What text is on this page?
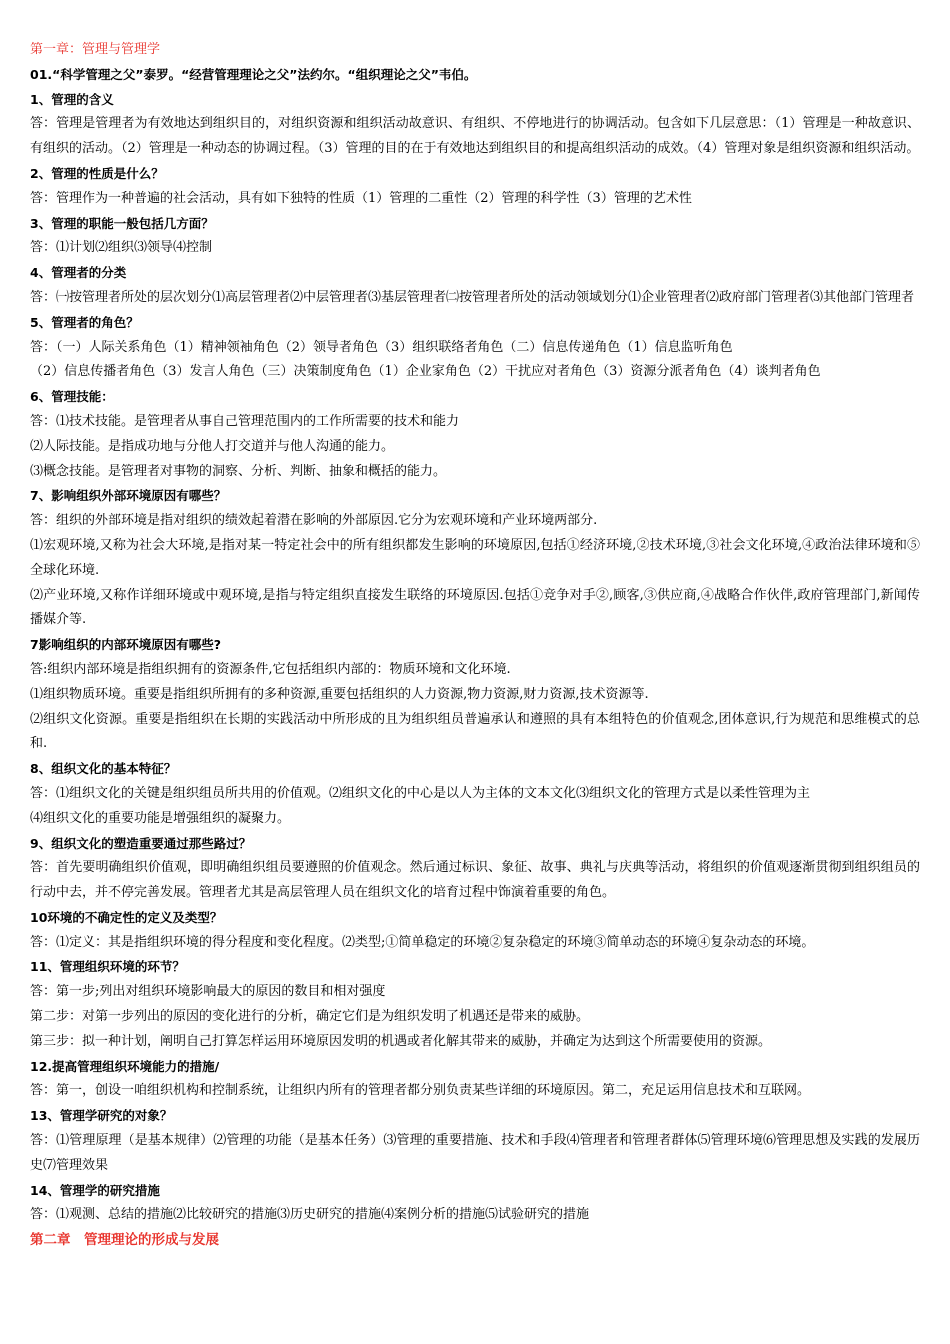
第一章：管理与管理学

01.“科学管理之父”泰罗。“经营管理理论之父”法约尔。“组织理论之父”韦伯。

1、管理的含义

答：管理是管理者为有效地达到组织目的，对组织资源和组织活动故意识、有组织、不停地进行的协调活动。包含如下几层意思：（1）管理是一种故意识、有组织的活动。（2）管理是一种动态的协调过程。（3）管理的目的在于有效地达到组织目的和提高组织活动的成效。（4）管理对象是组织资源和组织活动。

2、管理的性质是什么？

答：管理作为一种普遍的社会活动，具有如下独特的性质（1）管理的二重性（2）管理的科学性（3）管理的艺术性

3、管理的职能一般包括几方面？

答：⑴计划⑵组织⑶领导⑷控制

4、管理者的分类

答：㈠按管理者所处的层次划分⑴高层管理者⑵中层管理者⑶基层管理者㈡按管理者所处的活动领域划分⑴企业管理者⑵政府部门管理者⑶其他部门管理者

5、管理者的角色？

答：（一）人际关系角色（1）精神领袖角色（2）领导者角色（3）组织联络者角色（二）信息传递角色（1）信息监听角色

（2）信息传播者角色（3）发言人角色（三）决策制度角色（1）企业家角色（2）干扰应对者角色（3）资源分派者角色（4）谈判者角色

6、管理技能：

答：⑴技术技能。是管理者从事自己管理范围内的工作所需要的技术和能力

⑵人际技能。是指成功地与分他人打交道并与他人沟通的能力。

⑶概念技能。是管理者对事物的洞察、分析、判断、抽象和概括的能力。

7、影响组织外部环境原因有哪些？

答：组织的外部环境是指对组织的绩效起着潜在影响的外部原因.它分为宏观环境和产业环境两部分.

⑴宏观环境,又称为社会大环境,是指对某一特定社会中的所有组织都发生影响的环境原因,包括①经济环境,②技术环境,③社会文化环境,④政治法律环境和⑤全球化环境.

⑵产业环境,又称作详细环境或中观环境,是指与特定组织直接发生联络的环境原因.包括①竞争对手②,顾客,③供应商,④战略合作伙伴,政府管理部门,新闻传播媒介等.

7影响组织的内部环境原因有哪些?

答:组织内部环境是指组织拥有的资源条件,它包括组织内部的：物质环境和文化环境.

⑴组织物质环境。重要是指组织所拥有的多种资源,重要包括组织的人力资源,物力资源,财力资源,技术资源等.

⑵组织文化资源。重要是指组织在长期的实践活动中所形成的且为组织组员普遍承认和遵照的具有本组特色的价值观念,团体意识,行为规范和思维模式的总和.

8、组织文化的基本特征？

答：⑴组织文化的关键是组织组员所共用的价值观。⑵组织文化的中心是以人为主体的文本文化⑶组织文化的管理方式是以柔性管理为主

⑷组织文化的重要功能是增强组织的凝聚力。

9、组织文化的塑造重要通过那些路过？

答：首先要明确组织价值观，即明确组织组员要遵照的价值观念。然后通过标识、象征、故事、典礼与庆典等活动，将组织的价值观逐渐贯彻到组织组员的行动中去，并不停完善发展。管理者尤其是高层管理人员在组织文化的培育过程中饰演着重要的角色。

10环境的不确定性的定义及类型？

答：⑴定义：其是指组织环境的得分程度和变化程度。⑵类型;①简单稳定的环境②复杂稳定的环境③简单动态的环境④复杂动态的环境。

11、管理组织环境的环节？

答：第一步;列出对组织环境影响最大的原因的数目和相对强度

第二步：对第一步列出的原因的变化进行的分析，确定它们是为组织发明了机遇还是带来的威胁。

第三步：拟一种计划，阐明自己打算怎样运用环境原因发明的机遇或者化解其带来的威胁，并确定为达到这个所需要使用的资源。

12.提高管理组织环境能力的措施/

答：第一，创设一咱组织机构和控制系统，让组织内所有的管理者都分别负责某些详细的环境原因。第二，充足运用信息技术和互联网。

13、管理学研究的对象？

答：⑴管理原理（是基本规律）⑵管理的功能（是基本任务）⑶管理的重要措施、技术和手段⑷管理者和管理者群体⑸管理环境⑹管理思想及实践的发展历史⑺管理效果

14、管理学的研究措施

答：⑴观测、总结的措施⑵比较研究的措施⑶历史研究的措施⑷案例分析的措施⑸试验研究的措施

第二章　管理理论的形成与发展
